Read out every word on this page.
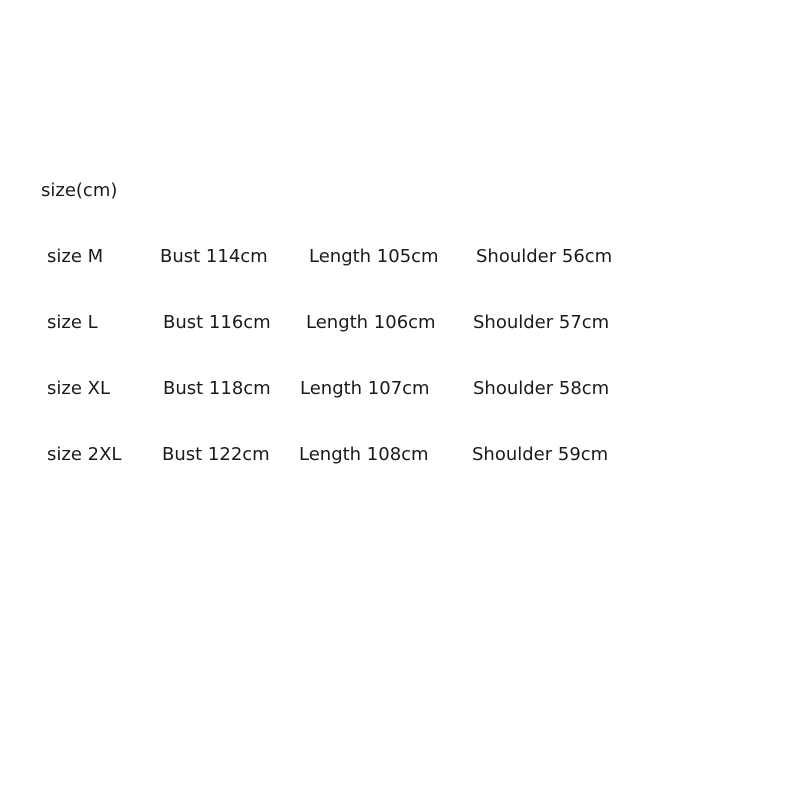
size(cm)
size M	Bust 114cm Length 105cm Shoulder 56cm
size L	Bust 116cm Length 106cm Shoulder 57cm
size XL	Bust 118cm Length 107cm Shoulder 58cm
size 2XL Bust 122cm Length 108cm Shoulder 59cm
